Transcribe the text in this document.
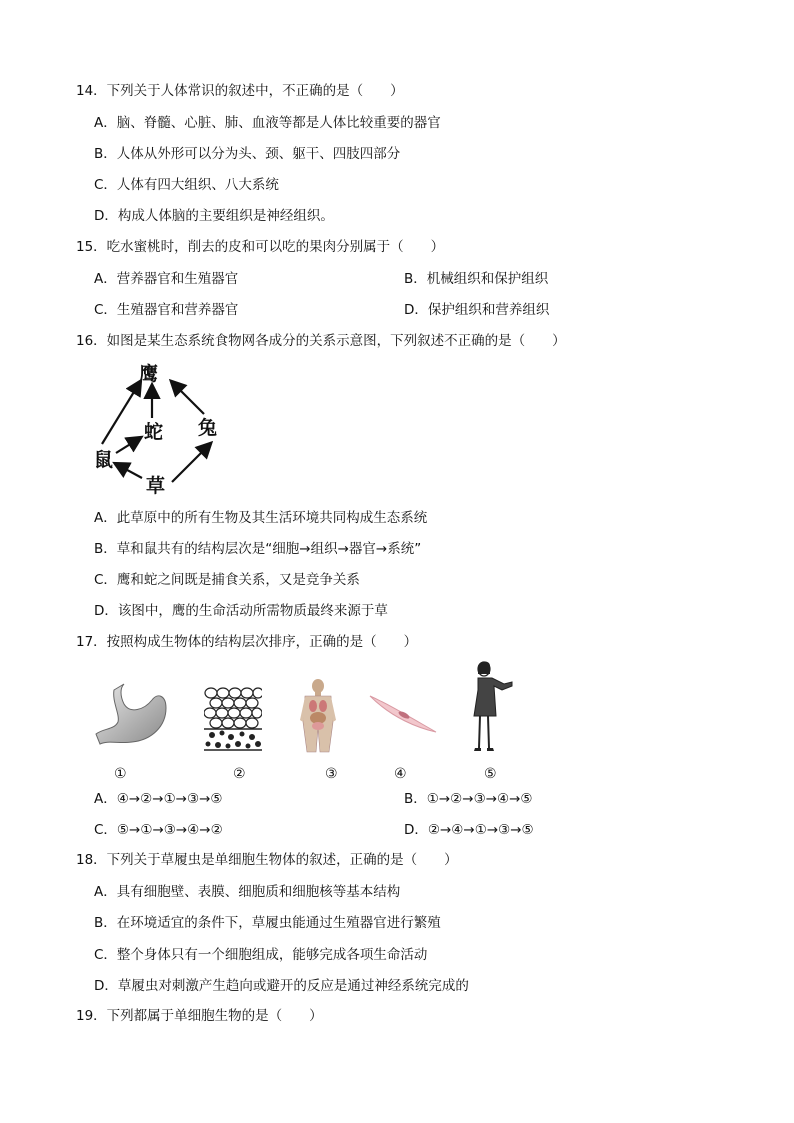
14．下列关于人体常识的叙述中，不正确的是（　　）
A．脑、脊髓、心脏、肺、血液等都是人体比较重要的器官
B．人体从外形可以分为头、颈、躯干、四肢四部分
C．人体有四大组织、八大系统
D．构成人体脑的主要组织是神经组织。
15．吃水蜜桃时，削去的皮和可以吃的果肉分别属于（　　）
A．营养器官和生殖器官	B．机械组织和保护组织
C．生殖器官和营养器官	D．保护组织和营养组织
16．如图是某生态系统食物网各成分的关系示意图，下列叙述不正确的是（　　）
鹰
蛇 兔
鼠
草
A．此草原中的所有生物及其生活环境共同构成生态系统
B．草和鼠共有的结构层次是“细胞→组织→器官→系统”
C．鹰和蛇之间既是捕食关系，又是竞争关系
D．该图中，鹰的生命活动所需物质最终来源于草
17．按照构成生物体的结构层次排序，正确的是（　　）
①	②	③	④	⑤
A．④→②→①→③→⑤	B．①→②→③→④→⑤
C．⑤→①→③→④→②	D．②→④→①→③→⑤
18．下列关于草履虫是单细胞生物体的叙述，正确的是（　　）
A．具有细胞壁、表膜、细胞质和细胞核等基本结构
B．在环境适宜的条件下，草履虫能通过生殖器官进行繁殖
C．整个身体只有一个细胞组成，能够完成各项生命活动
D．草履虫对刺激产生趋向或避开的反应是通过神经系统完成的
19．下列都属于单细胞生物的是（　　）
